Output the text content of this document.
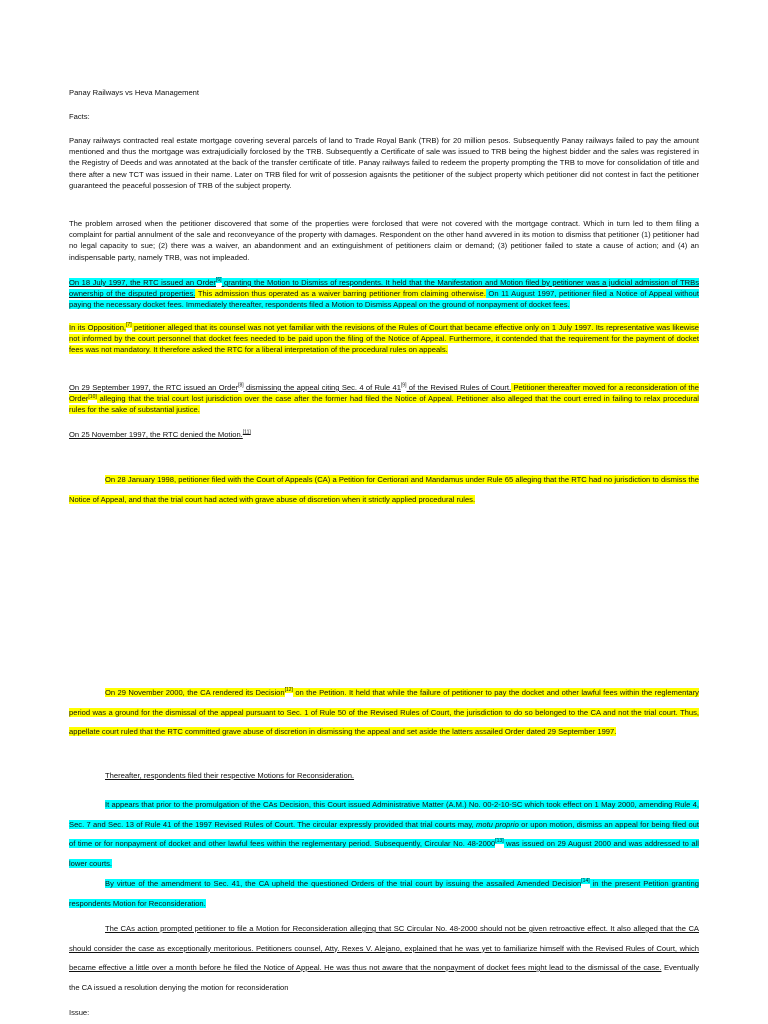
Panay Railways vs Heva Management

Facts:

Panay railways contracted real estate mortgage covering several parcels of land to Trade Royal Bank (TRB) for 20 million pesos. Subsequently Panay railways failed to pay the amount mentioned and thus the mortgage was extrajudicially forclosed by the TRB. Subsequently a Certificate of sale was issued to TRB being the highest bidder and the sales was registered in the Registry of Deeds and was annotated at the back of the transfer certificate of title. Panay railways failed to redeem the property prompting the TRB to move for consolidation of title and there after a new TCT was issued in their name. Later on TRB filed for writ of possesion agaisnts the petitioner of the subject property which petitioner did not contest in fact the petitioner guaranteed the peaceful possesion of TRB of the subject property.

The problem arrosed when the petitioner discovered that some of the properties were forclosed that were not covered with the mortgage contract. Which in turn led to them filing a complaint for partial annulment of the sale and reconveyance of the property with damages. Respondent on the other hand avvered in its motion to dismiss that petitioner (1) petitioner had no legal capacity to sue; (2) there was a waiver, an abandonment and an extinguishment of petitioners claim or demand; (3) petitioner failed to state a cause of action; and (4) an indispensable party, namely TRB, was not impleaded.

On 18 July 1997, the RTC issued an Order[6] granting the Motion to Dismiss of respondents. It held that the Manifestation and Motion filed by petitioner was a judicial admission of TRBs ownership of the disputed properties. This admission thus operated as a waiver barring petitioner from claiming otherwise. On 11 August 1997, petitioner filed a Notice of Appeal without paying the necessary docket fees. Immediately thereafter, respondents filed a Motion to Dismiss Appeal on the ground of nonpayment of docket fees.

In its Opposition,[7] petitioner alleged that its counsel was not yet familiar with the revisions of the Rules of Court that became effective only on 1 July 1997. Its representative was likewise not informed by the court personnel that docket fees needed to be paid upon the filing of the Notice of Appeal. Furthermore, it contended that the requirement for the payment of docket fees was not mandatory. It therefore asked the RTC for a liberal interpretation of the procedural rules on appeals.

On 29 September 1997, the RTC issued an Order[8] dismissing the appeal citing Sec. 4 of Rule 41[9] of the Revised Rules of Court. Petitioner thereafter moved for a reconsideration of the Order[10] alleging that the trial court lost jurisdiction over the case after the former had filed the Notice of Appeal. Petitioner also alleged that the court erred in failing to relax procedural rules for the sake of substantial justice.

On 25 November 1997, the RTC denied the Motion.[11]

On 28 January 1998, petitioner filed with the Court of Appeals (CA) a Petition for Certiorari and Mandamus under Rule 65 alleging that the RTC had no jurisdiction to dismiss the Notice of Appeal, and that the trial court had acted with grave abuse of discretion when it strictly applied procedural rules.

On 29 November 2000, the CA rendered its Decision[12] on the Petition. It held that while the failure of petitioner to pay the docket and other lawful fees within the reglementary period was a ground for the dismissal of the appeal pursuant to Sec. 1 of Rule 50 of the Revised Rules of Court, the jurisdiction to do so belonged to the CA and not the trial court. Thus, appellate court ruled that the RTC committed grave abuse of discretion in dismissing the appeal and set aside the latters assailed Order dated 29 September 1997.

Thereafter, respondents filed their respective Motions for Reconsideration.

It appears that prior to the promulgation of the CAs Decision, this Court issued Administrative Matter (A.M.) No. 00-2-10-SC which took effect on 1 May 2000, amending Rule 4, Sec. 7 and Sec. 13 of Rule 41 of the 1997 Revised Rules of Court. The circular expressly provided that trial courts may, motu proprio or upon motion, dismiss an appeal for being filed out of time or for nonpayment of docket and other lawful fees within the reglementary period. Subsequently, Circular No. 48-2000[13] was issued on 29 August 2000 and was addressed to all lower courts.

By virtue of the amendment to Sec. 41, the CA upheld the questioned Orders of the trial court by issuing the assailed Amended Decision[14] in the present Petition granting respondents Motion for Reconsideration.

The CAs action prompted petitioner to file a Motion for Reconsideration alleging that SC Circular No. 48-2000 should not be given retroactive effect. It also alleged that the CA should consider the case as exceptionally meritorious. Petitioners counsel, Atty. Rexes V. Alejano, explained that he was yet to familiarize himself with the Revised Rules of Court, which became effective a little over a month before he filed the Notice of Appeal. He was thus not aware that the nonpayment of docket fees might lead to the dismissal of the case. Eventually the CA issued a resolution denying the motion for reconsideration

Issue:
